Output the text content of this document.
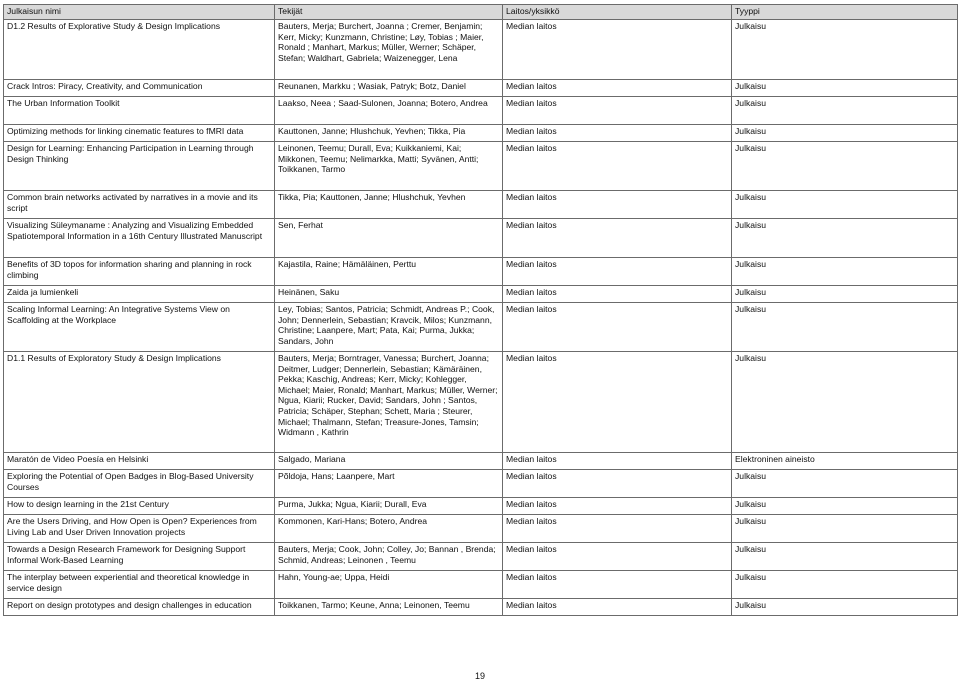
Julkaisun nimi	Tekijät	Laitos/yksikkö	Tyyppi
D1.2 Results of Explorative Study & Design Implications	Bauters, Merja; Burchert, Joanna ; Cremer, Benjamin; Kerr, Micky; Kunzmann, Christine; Løy, Tobias ; Maier, Ronald ; Manhart, Markus; Müller, Werner; Schäper, Stefan; Waldhart, Gabriela; Waizenegger, Lena	Median laitos	Julkaisu
Crack Intros: Piracy, Creativity, and Communication	Reunanen, Markku ; Wasiak, Patryk; Botz, Daniel	Median laitos	Julkaisu
The Urban Information Toolkit	Laakso, Neea ; Saad-Sulonen, Joanna; Botero, Andrea	Median laitos	Julkaisu
Optimizing methods for linking cinematic features to fMRI data	Kauttonen, Janne; Hlushchuk, Yevhen; Tikka, Pia	Median laitos	Julkaisu
Design for Learning: Enhancing Participation in Learning through Design Thinking	Leinonen, Teemu; Durall, Eva; Kuikkaniemi, Kai; Mikkonen, Teemu; Nelimarkka, Matti; Syvänen, Antti; Toikkanen, Tarmo	Median laitos	Julkaisu
Common brain networks activated by narratives in a movie and its script	Tikka, Pia; Kauttonen, Janne; Hlushchuk, Yevhen	Median laitos	Julkaisu
Visualizing Süleymaname : Analyzing and Visualizing Embedded Spatiotemporal Information in a 16th Century Illustrated Manuscript	Sen, Ferhat	Median laitos	Julkaisu
Benefits of 3D topos for information sharing and planning in rock climbing	Kajastila, Raine; Hämäläinen, Perttu	Median laitos	Julkaisu
Zaida ja lumienkeli	Heinänen, Saku	Median laitos	Julkaisu
Scaling Informal Learning: An Integrative Systems View on Scaffolding at the Workplace	Ley, Tobias; Santos, Patricia; Schmidt, Andreas P.; Cook, John; Dennerlein, Sebastian; Kravcik, Milos; Kunzmann, Christine; Laanpere, Mart; Pata, Kai; Purma, Jukka; Sandars, John	Median laitos	Julkaisu
D1.1 Results of Exploratory Study & Design Implications	Bauters, Merja; Borntrager, Vanessa; Burchert, Joanna; Deitmer, Ludger; Dennerlein, Sebastian; Kämäräinen, Pekka; Kaschig, Andreas; Kerr, Micky; Kohlegger, Michael; Maier, Ronald; Manhart, Markus; Müller, Werner; Ngua, Kiarii; Rucker, David; Sandars, John ; Santos, Patricia; Schäper, Stephan; Schett, Maria ; Steurer, Michael; Thalmann, Stefan; Treasure-Jones, Tamsin; Widmann , Kathrin	Median laitos	Julkaisu
Maratón de Video Poesía en Helsinki	Salgado, Mariana	Median laitos	Elektroninen aineisto
Exploring the Potential of Open Badges in Blog-Based University Courses	Põldoja, Hans; Laanpere, Mart	Median laitos	Julkaisu
How to design learning in the 21st Century	Purma, Jukka; Ngua, Kiarii; Durall, Eva	Median laitos	Julkaisu
Are the Users Driving, and How Open is Open? Experiences from Living Lab and User Driven Innovation projects	Kommonen, Kari-Hans; Botero, Andrea	Median laitos	Julkaisu
Towards a Design Research Framework for Designing Support Informal Work-Based Learning	Bauters, Merja; Cook, John; Colley, Jo; Bannan , Brenda; Schmid, Andreas; Leinonen , Teemu	Median laitos	Julkaisu
The interplay between experiential and theoretical knowledge in service design	Hahn, Young-ae; Uppa, Heidi	Median laitos	Julkaisu
Report on design prototypes and design challenges in education	Toikkanen, Tarmo; Keune, Anna; Leinonen, Teemu	Median laitos	Julkaisu
19
